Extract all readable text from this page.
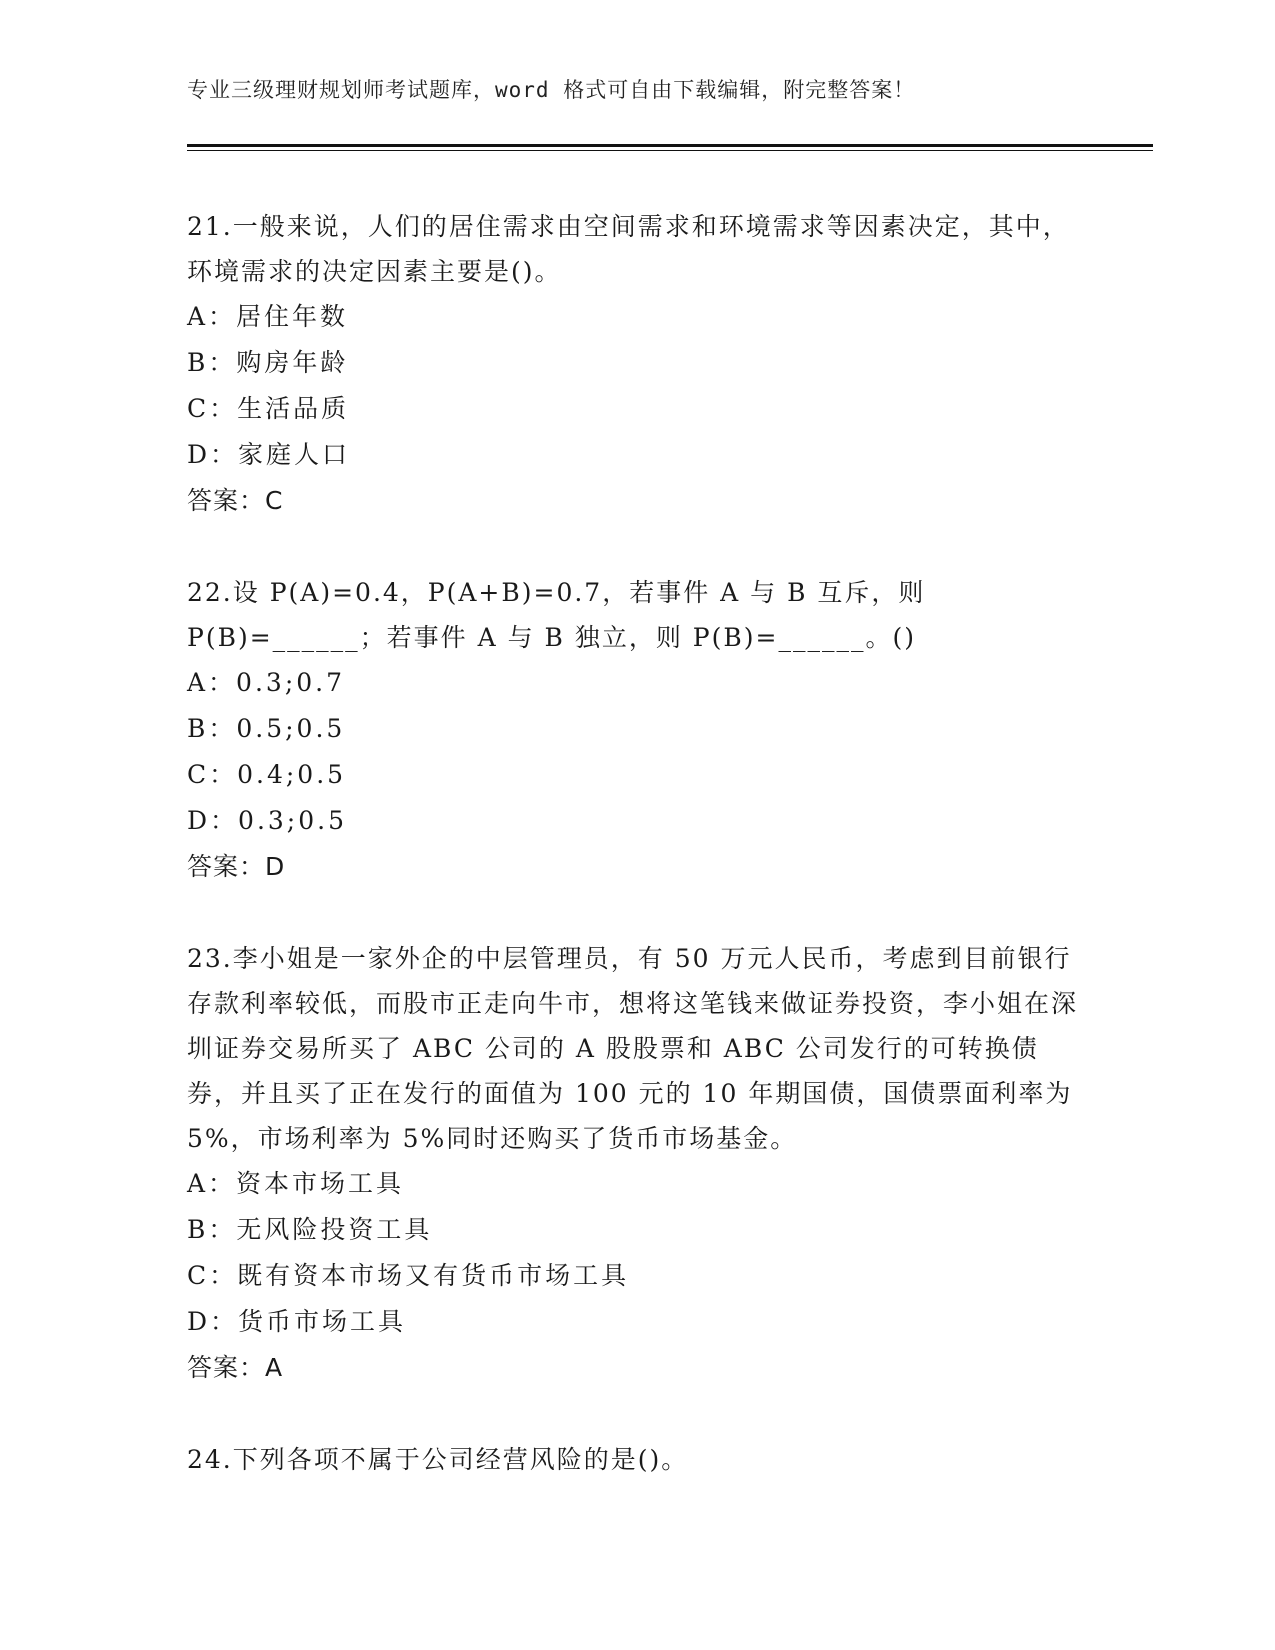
专业三级理财规划师考试题库，word 格式可自由下载编辑，附完整答案！

21.一般来说，人们的居住需求由空间需求和环境需求等因素决定，其中，环境需求的决定因素主要是()。

A：居住年数

B：购房年龄

C：生活品质

D：家庭人口

答案：C

22.设 P(A)=0.4，P(A+B)=0.7，若事件 A 与 B 互斥，则 P(B)=______；若事件 A 与 B 独立，则 P(B)=______。()

A：0.3;0.7

B：0.5;0.5

C：0.4;0.5

D：0.3;0.5

答案：D

23.李小姐是一家外企的中层管理员，有 50 万元人民币，考虑到目前银行存款利率较低，而股市正走向牛市，想将这笔钱来做证券投资，李小姐在深圳证券交易所买了 ABC 公司的 A 股股票和 ABC 公司发行的可转换债券，并且买了正在发行的面值为 100 元的 10 年期国债，国债票面利率为 5%，市场利率为 5%同时还购买了货币市场基金。

A：资本市场工具

B：无风险投资工具

C：既有资本市场又有货币市场工具

D：货币市场工具

答案：A

24.下列各项不属于公司经营风险的是()。
